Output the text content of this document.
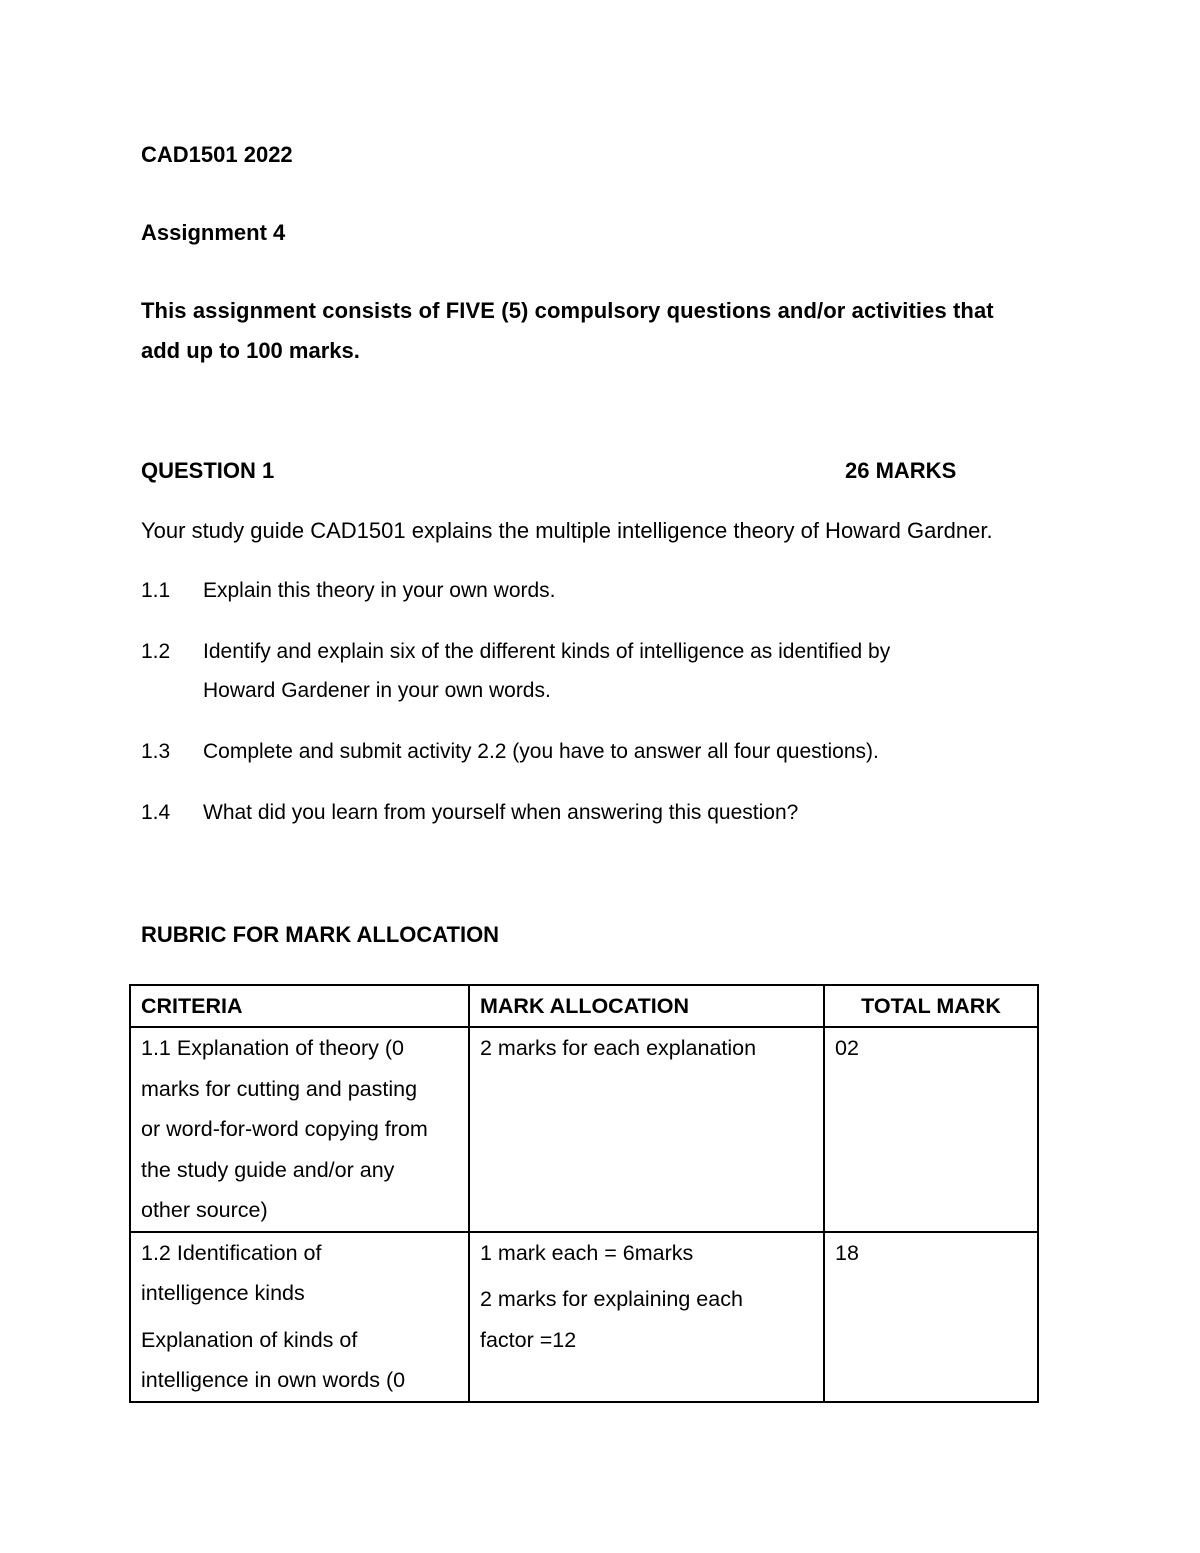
CAD1501 2022
Assignment 4
This assignment consists of FIVE (5) compulsory questions and/or activities that
add up to 100 marks.
QUESTION 1	26 MARKS
Your study guide CAD1501 explains the multiple intelligence theory of Howard Gardner.
1.1 Explain this theory in your own words.
1.2 Identify and explain six of the different kinds of intelligence as identified by
Howard Gardener in your own words.
1.3 Complete and submit activity 2.2 (you have to answer all four questions).
1.4 What did you learn from yourself when answering this question?
RUBRIC FOR MARK ALLOCATION
CRITERIA	MARK ALLOCATION	TOTAL MARK

1.1 Explanation of theory (0
marks for cutting and pasting
or word-for-word copying from
the study guide and/or any
other source)	2 marks for each explanation	02

1.2 Identification of
intelligence kinds
Explanation of kinds of
intelligence in own words (0	1 mark each = 6marks
2 marks for explaining each
factor =12	18
